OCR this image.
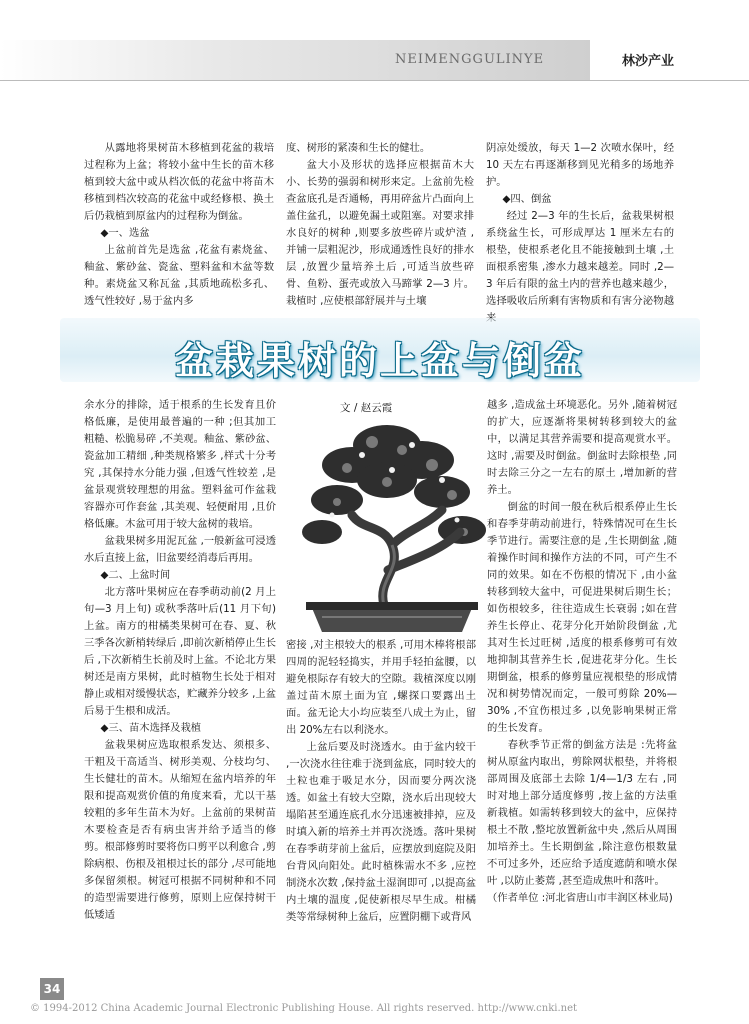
NEIMENGGULINYE	林沙产业

从露地将果树苗木移植到花盆的栽培过程称为上盆；将较小盆中生长的苗木移植到较大盆中或从档次低的花盆中将苗木移植到档次较高的花盆中或经修根、换土后仍栽植到原盆内的过程称为倒盆。

◆一、选盆

上盆前首先是选盆 ,花盆有素烧盆、釉盆、紫砂盆、瓷盆、塑料盆和木盆等数种。素烧盆又称瓦盆 ,其质地疏松多孔、透气性较好 ,易于盆内多

度、树形的紧凑和生长的健壮。

盆大小及形状的选择应根据苗木大小、长势的强弱和树形来定。上盆前先检查盆底孔是否通畅，再用碎盆片凸面向上盖住盆孔，以避免漏土或阻塞。对要求排水良好的树种 ,则要多放些碎片或炉渣 ,并铺一层粗泥沙，形成通透性良好的排水层 ,放置少量培养土后 ,可适当放些碎骨、鱼粉、蛋壳或放入马蹄掌 2—3 片。栽植时 ,应使根部舒展并与土壤

阴凉处缓放，每天 1—2 次喷水保叶，经 10 天左右再逐渐移到见光稍多的场地养护。

◆四、倒盆

经过 2—3 年的生长后，盆栽果树根系绕盆生长，可形成厚达 1 厘米左右的根垫，使根系老化且不能接触到土壤 ,土面根系密集 ,渗水力越来越差。同时 ,2—3 年后有限的盆土内的营养也越来越少，选择吸收后所剩有害物质和有害分泌物越

盆栽果树的上盆与倒盆

余水分的排除，适于根系的生长发育且价格低廉，是使用最普遍的一种 ;但其加工粗糙、松脆易碎 ,不美观。釉盆、紫砂盆、瓷盆加工精细 ,种类规格繁多 ,样式十分考究 ,其保持水分能力强 ,但透气性较差 ,是盆景观赏较理想的用盆。塑料盆可作盆栽容器亦可作套盆 ,其美观、轻便耐用 ,且价格低廉。木盆可用于较大盆树的栽培。

盆栽果树多用泥瓦盆 ,一般新盆可浸透水后直接上盆，旧盆要经消毒后再用。

◆二、上盆时间

北方落叶果树应在春季萌动前(2 月上旬—3 月上旬) 或秋季落叶后(11 月下旬)上盆。南方的柑橘类果树可在春、夏、秋三季各次新梢转绿后 ,即前次新梢停止生长后 ,下次新梢生长前及时上盆。不论北方果树还是南方果树，此时植物生长处于相对静止或相对缓慢状态，贮藏养分较多 ,上盆后易于生根和成活。

◆三、苗木选择及栽植

盆栽果树应选取根系发达、须根多、干粗及干高适当、树形美观、分枝均匀、生长健壮的苗木。从缩短在盆内培养的年限和提高观赏价值的角度来看，尤以干基较粗的多年生苗木为好。上盆前的果树苗木要检查是否有病虫害并给予适当的修剪。根部修剪时要将伤口剪平以利愈合 ,剪除病根、伤根及祖根过长的部分 ,尽可能地多保留须根。树冠可根据不同树种和不同的造型需要进行修剪，原则上应保持树干低矮适

文 / 赵云霞

密接 ,对主根较大的根系 ,可用木棒将根部四周的泥轻轻捣实，并用手轻拍盆腰，以避免根际存有较大的空隙。栽植深度以刚盖过苗木原土面为宜 ,螺探口要露出土面。盆无论大小均应装至八成土为止，留出 20%左右以利浇水。

上盆后要及时浇透水。由于盆内较干 ,一次浇水往往难于浇到盆底，同时较大的土粒也难于吸足水分，因而要分两次浇透。如盆土有较大空隙，浇水后出现较大塌陷甚至通连底孔水分迅速被排掉，应及时填入新的培养土并再次浇透。落叶果树在春季萌芽前上盆后，应摆放到庭院及阳台背风向阳处。此时植株需水不多 ,应控制浇水次数 ,保持盆土湿润即可 ,以提高盆内土壤的温度 ,促使新根尽早生成。柑橘类等常绿树种上盆后，应置阴棚下或背风

越多 ,造成盆土环境恶化。另外 ,随着树冠的扩大，应逐渐将果树转移到较大的盆中，以满足其营养需要和提高观赏水平。这时 ,需要及时倒盆。倒盆时去除根垫 ,同时去除三分之一左右的原土 ,增加新的营养土。

倒盆的时间一般在秋后根系停止生长和春季芽萌动前进行，特殊情况可在生长季节进行。需要注意的是 ,生长期倒盆 ,随着操作时间和操作方法的不同，可产生不同的效果。如在不伤根的情况下 ,由小盆转移到较大盆中，可促进果树后期生长；如伤根较多，往往造成生长衰弱 ;如在营养生长停止、花芽分化开始阶段倒盆 ,尤其对生长过旺树 ,适度的根系修剪可有效地抑制其营养生长 ,促进花芽分化。生长期倒盆，根系的修剪量应视根垫的形成情况和树势情况而定，一般可剪除 20%—30% ,不宜伤根过多 ,以免影响果树正常的生长发育。

春秋季节正常的倒盆方法是 :先将盆树从原盆内取出，剪除网状根垫，并将根部周围及底部土去除 1/4—1/3 左右 ,同时对地上部分适度修剪 ,按上盆的方法重新栽植。如需转移到较大的盆中，应保持根土不散 ,整坨放置新盆中央 ,然后从周围加培养土。生长期倒盆 ,除注意伤根数量不可过多外，还应给予适度遮荫和喷水保叶 ,以防止萎蔫 ,甚至造成焦叶和落叶。

（作者单位 :河北省唐山市丰润区林业局)

34
© 1994-2012 China Academic Journal Electronic Publishing House. All rights reserved. http://www.cnki.net
